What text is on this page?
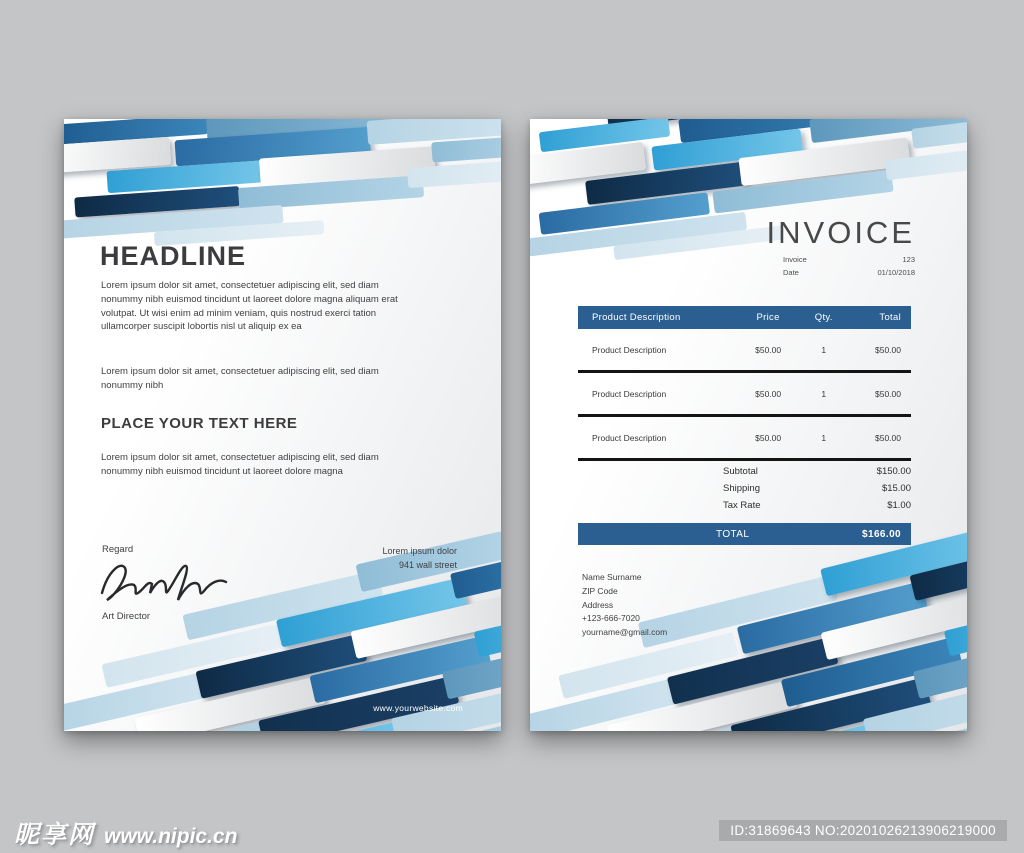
HEADLINE
Lorem ipsum dolor sit amet, consectetuer adipiscing elit, sed diam nonummy nibh euismod tincidunt ut laoreet dolore magna aliquam erat volutpat. Ut wisi enim ad minim veniam, quis nostrud exerci tation ullamcorper suscipit lobortis nisl ut aliquip ex ea
Lorem ipsum dolor sit amet, consectetuer adipiscing elit, sed diam nonummy nibh
PLACE YOUR TEXT HERE
Lorem ipsum dolor sit amet, consectetuer adipiscing elit, sed diam nonummy nibh euismod tincidunt ut laoreet dolore magna
Regard
Art Director
Lorem ipsum dolor
941 wall street
www.yourwebsite.com
INVOICE
Invoice	123
Date	01/10/2018
Product Description	Price	Qty.	Total
Product Description	$50.00	1	$50.00
Product Description	$50.00	1	$50.00
Product Description	$50.00	1	$50.00
Subtotal	$150.00
Shipping	$15.00
Tax Rate	$1.00
TOTAL	$166.00
Name Surname
ZIP Code
Address
+123-666-7020
yourname@gmail.com
昵享网 www.nipic.cn	ID:31869643 NO:20201026213906219000
